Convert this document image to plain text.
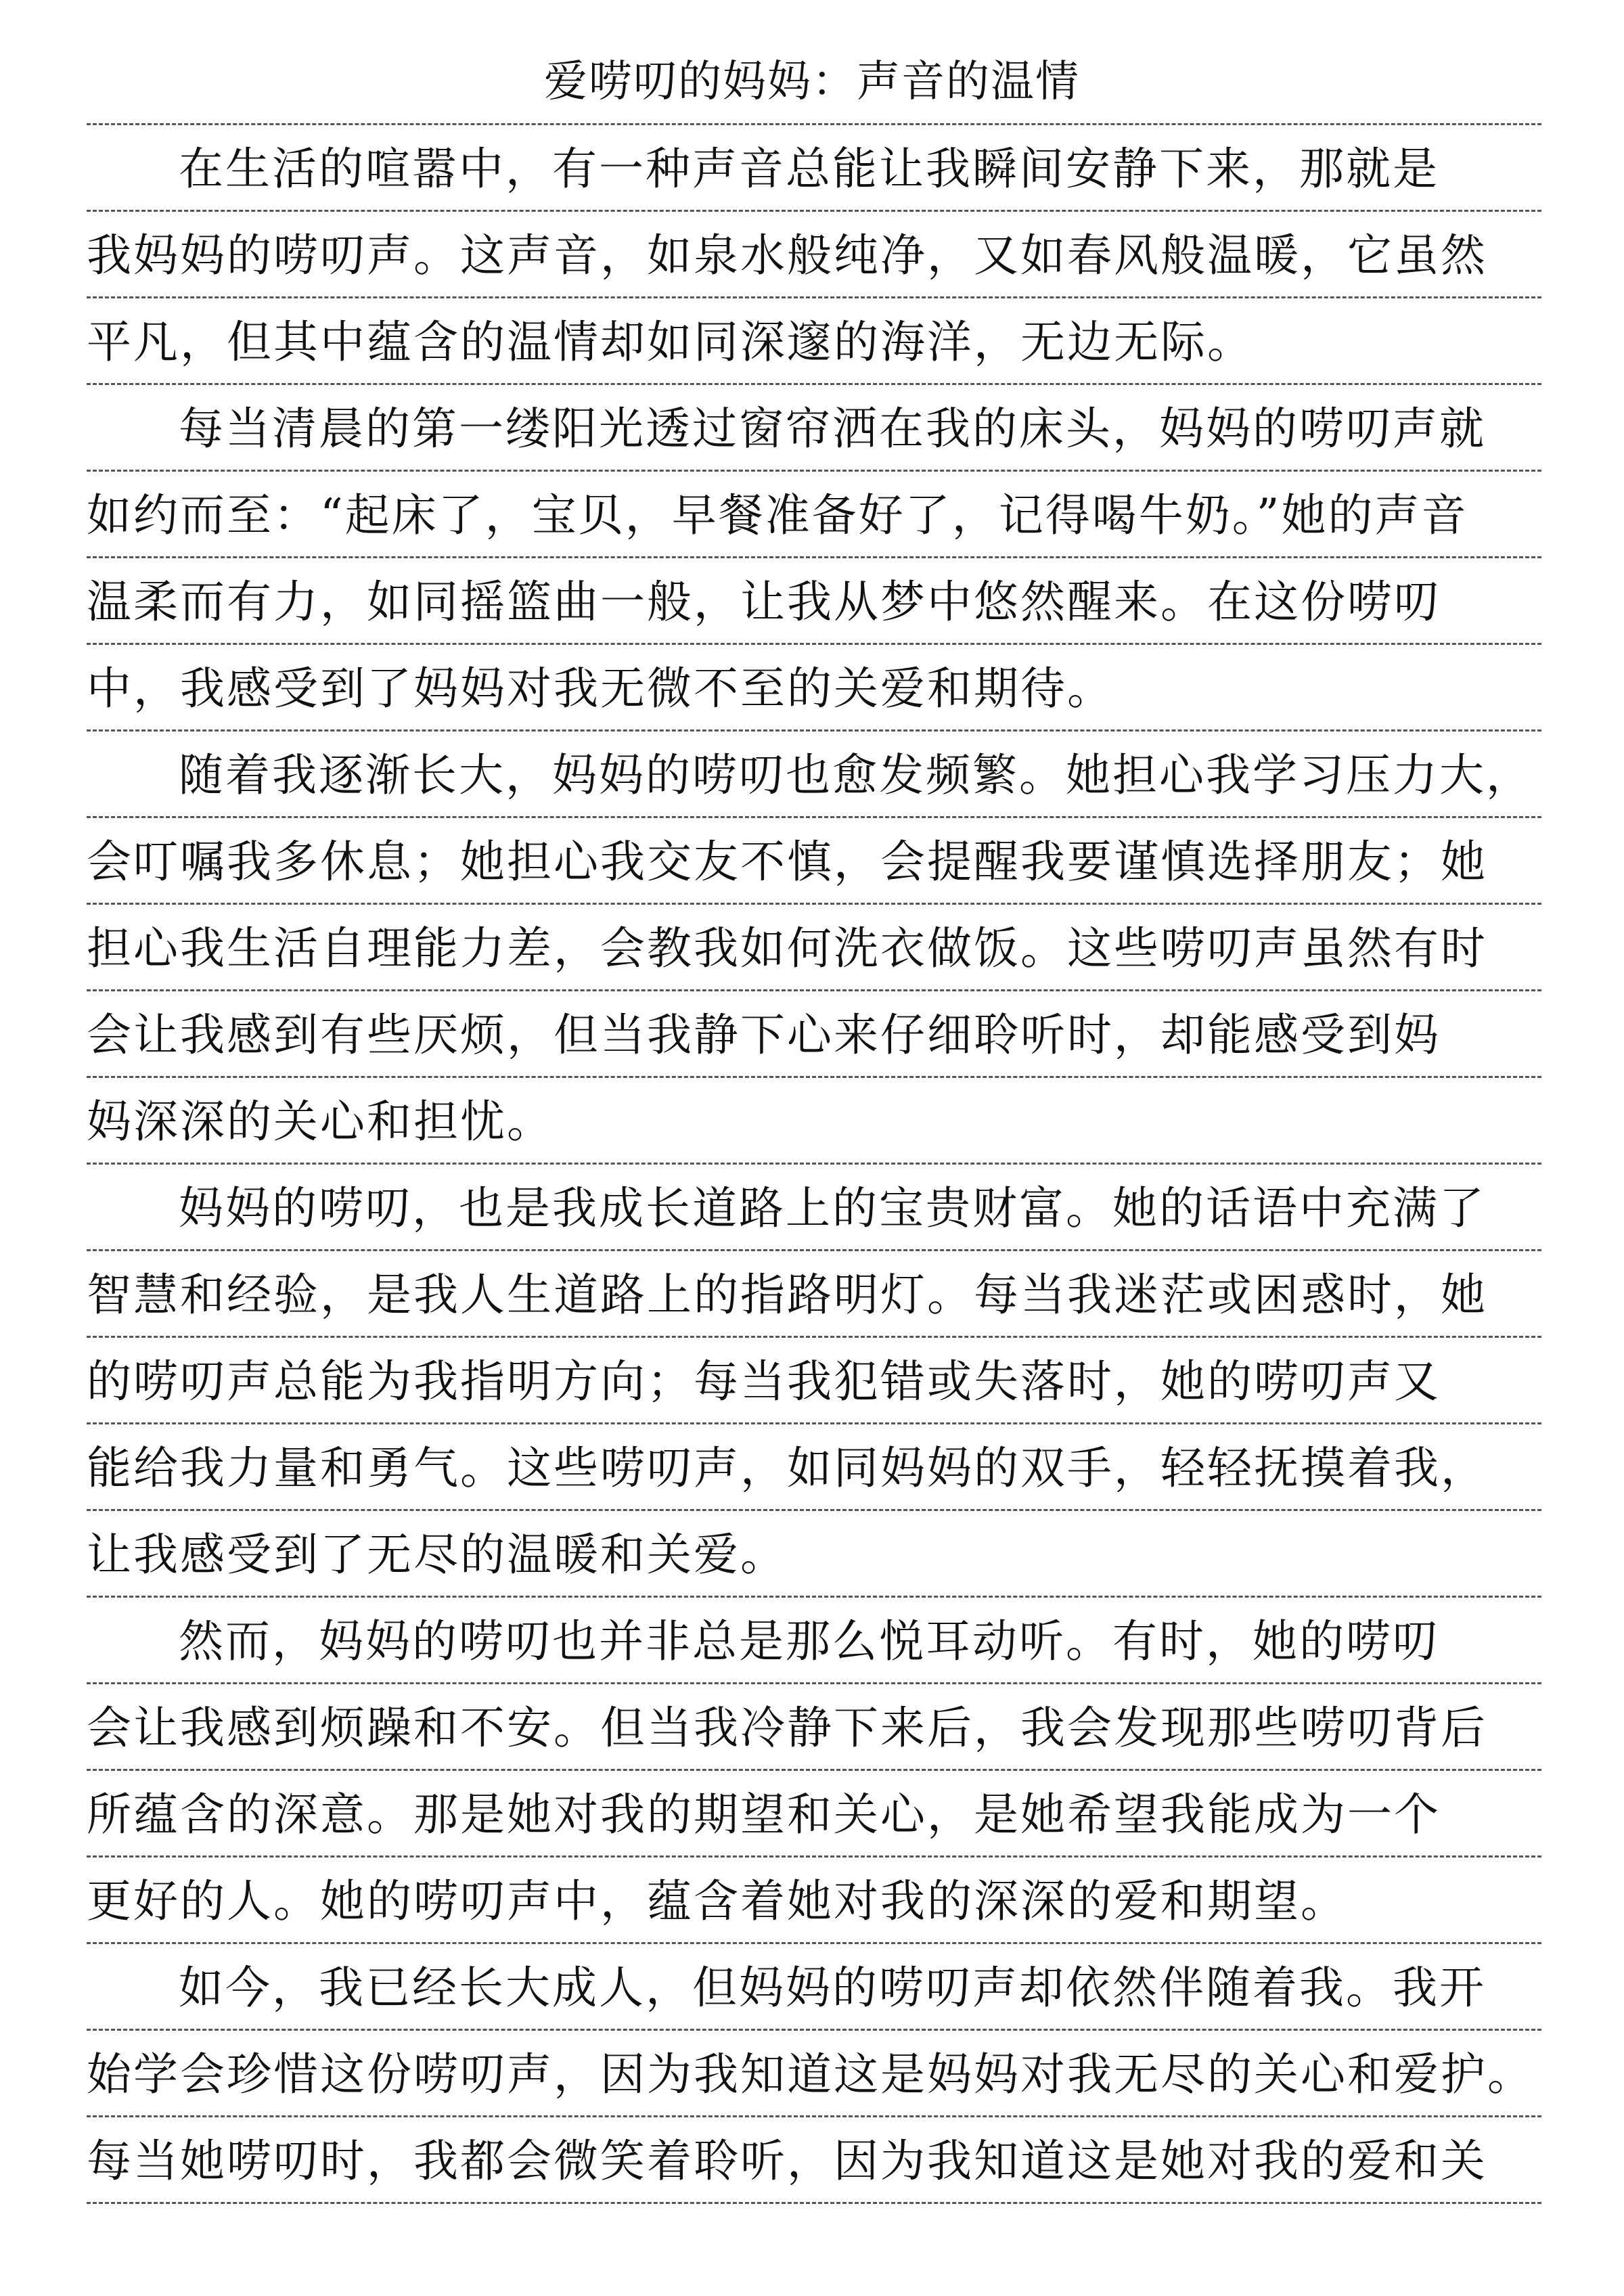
爱唠叨的妈妈：声音的温情
在生活的喧嚣中，有一种声音总能让我瞬间安静下来，那就是
我妈妈的唠叨声。这声音，如泉水般纯净，又如春风般温暖，它虽然
平凡，但其中蕴含的温情却如同深邃的海洋，无边无际。
每当清晨的第一缕阳光透过窗帘洒在我的床头，妈妈的唠叨声就
如约而至：“起床了，宝贝，早餐准备好了，记得喝牛奶。”她的声音
温柔而有力，如同摇篮曲一般，让我从梦中悠然醒来。在这份唠叨
中，我感受到了妈妈对我无微不至的关爱和期待。
随着我逐渐长大，妈妈的唠叨也愈发频繁。她担心我学习压力大，
会叮嘱我多休息；她担心我交友不慎，会提醒我要谨慎选择朋友；她
担心我生活自理能力差，会教我如何洗衣做饭。这些唠叨声虽然有时
会让我感到有些厌烦，但当我静下心来仔细聆听时，却能感受到妈
妈深深的关心和担忧。
妈妈的唠叨，也是我成长道路上的宝贵财富。她的话语中充满了
智慧和经验，是我人生道路上的指路明灯。每当我迷茫或困惑时，她
的唠叨声总能为我指明方向；每当我犯错或失落时，她的唠叨声又
能给我力量和勇气。这些唠叨声，如同妈妈的双手，轻轻抚摸着我，
让我感受到了无尽的温暖和关爱。
然而，妈妈的唠叨也并非总是那么悦耳动听。有时，她的唠叨
会让我感到烦躁和不安。但当我冷静下来后，我会发现那些唠叨背后
所蕴含的深意。那是她对我的期望和关心，是她希望我能成为一个
更好的人。她的唠叨声中，蕴含着她对我的深深的爱和期望。
如今，我已经长大成人，但妈妈的唠叨声却依然伴随着我。我开
始学会珍惜这份唠叨声，因为我知道这是妈妈对我无尽的关心和爱护。
每当她唠叨时，我都会微笑着聆听，因为我知道这是她对我的爱和关
